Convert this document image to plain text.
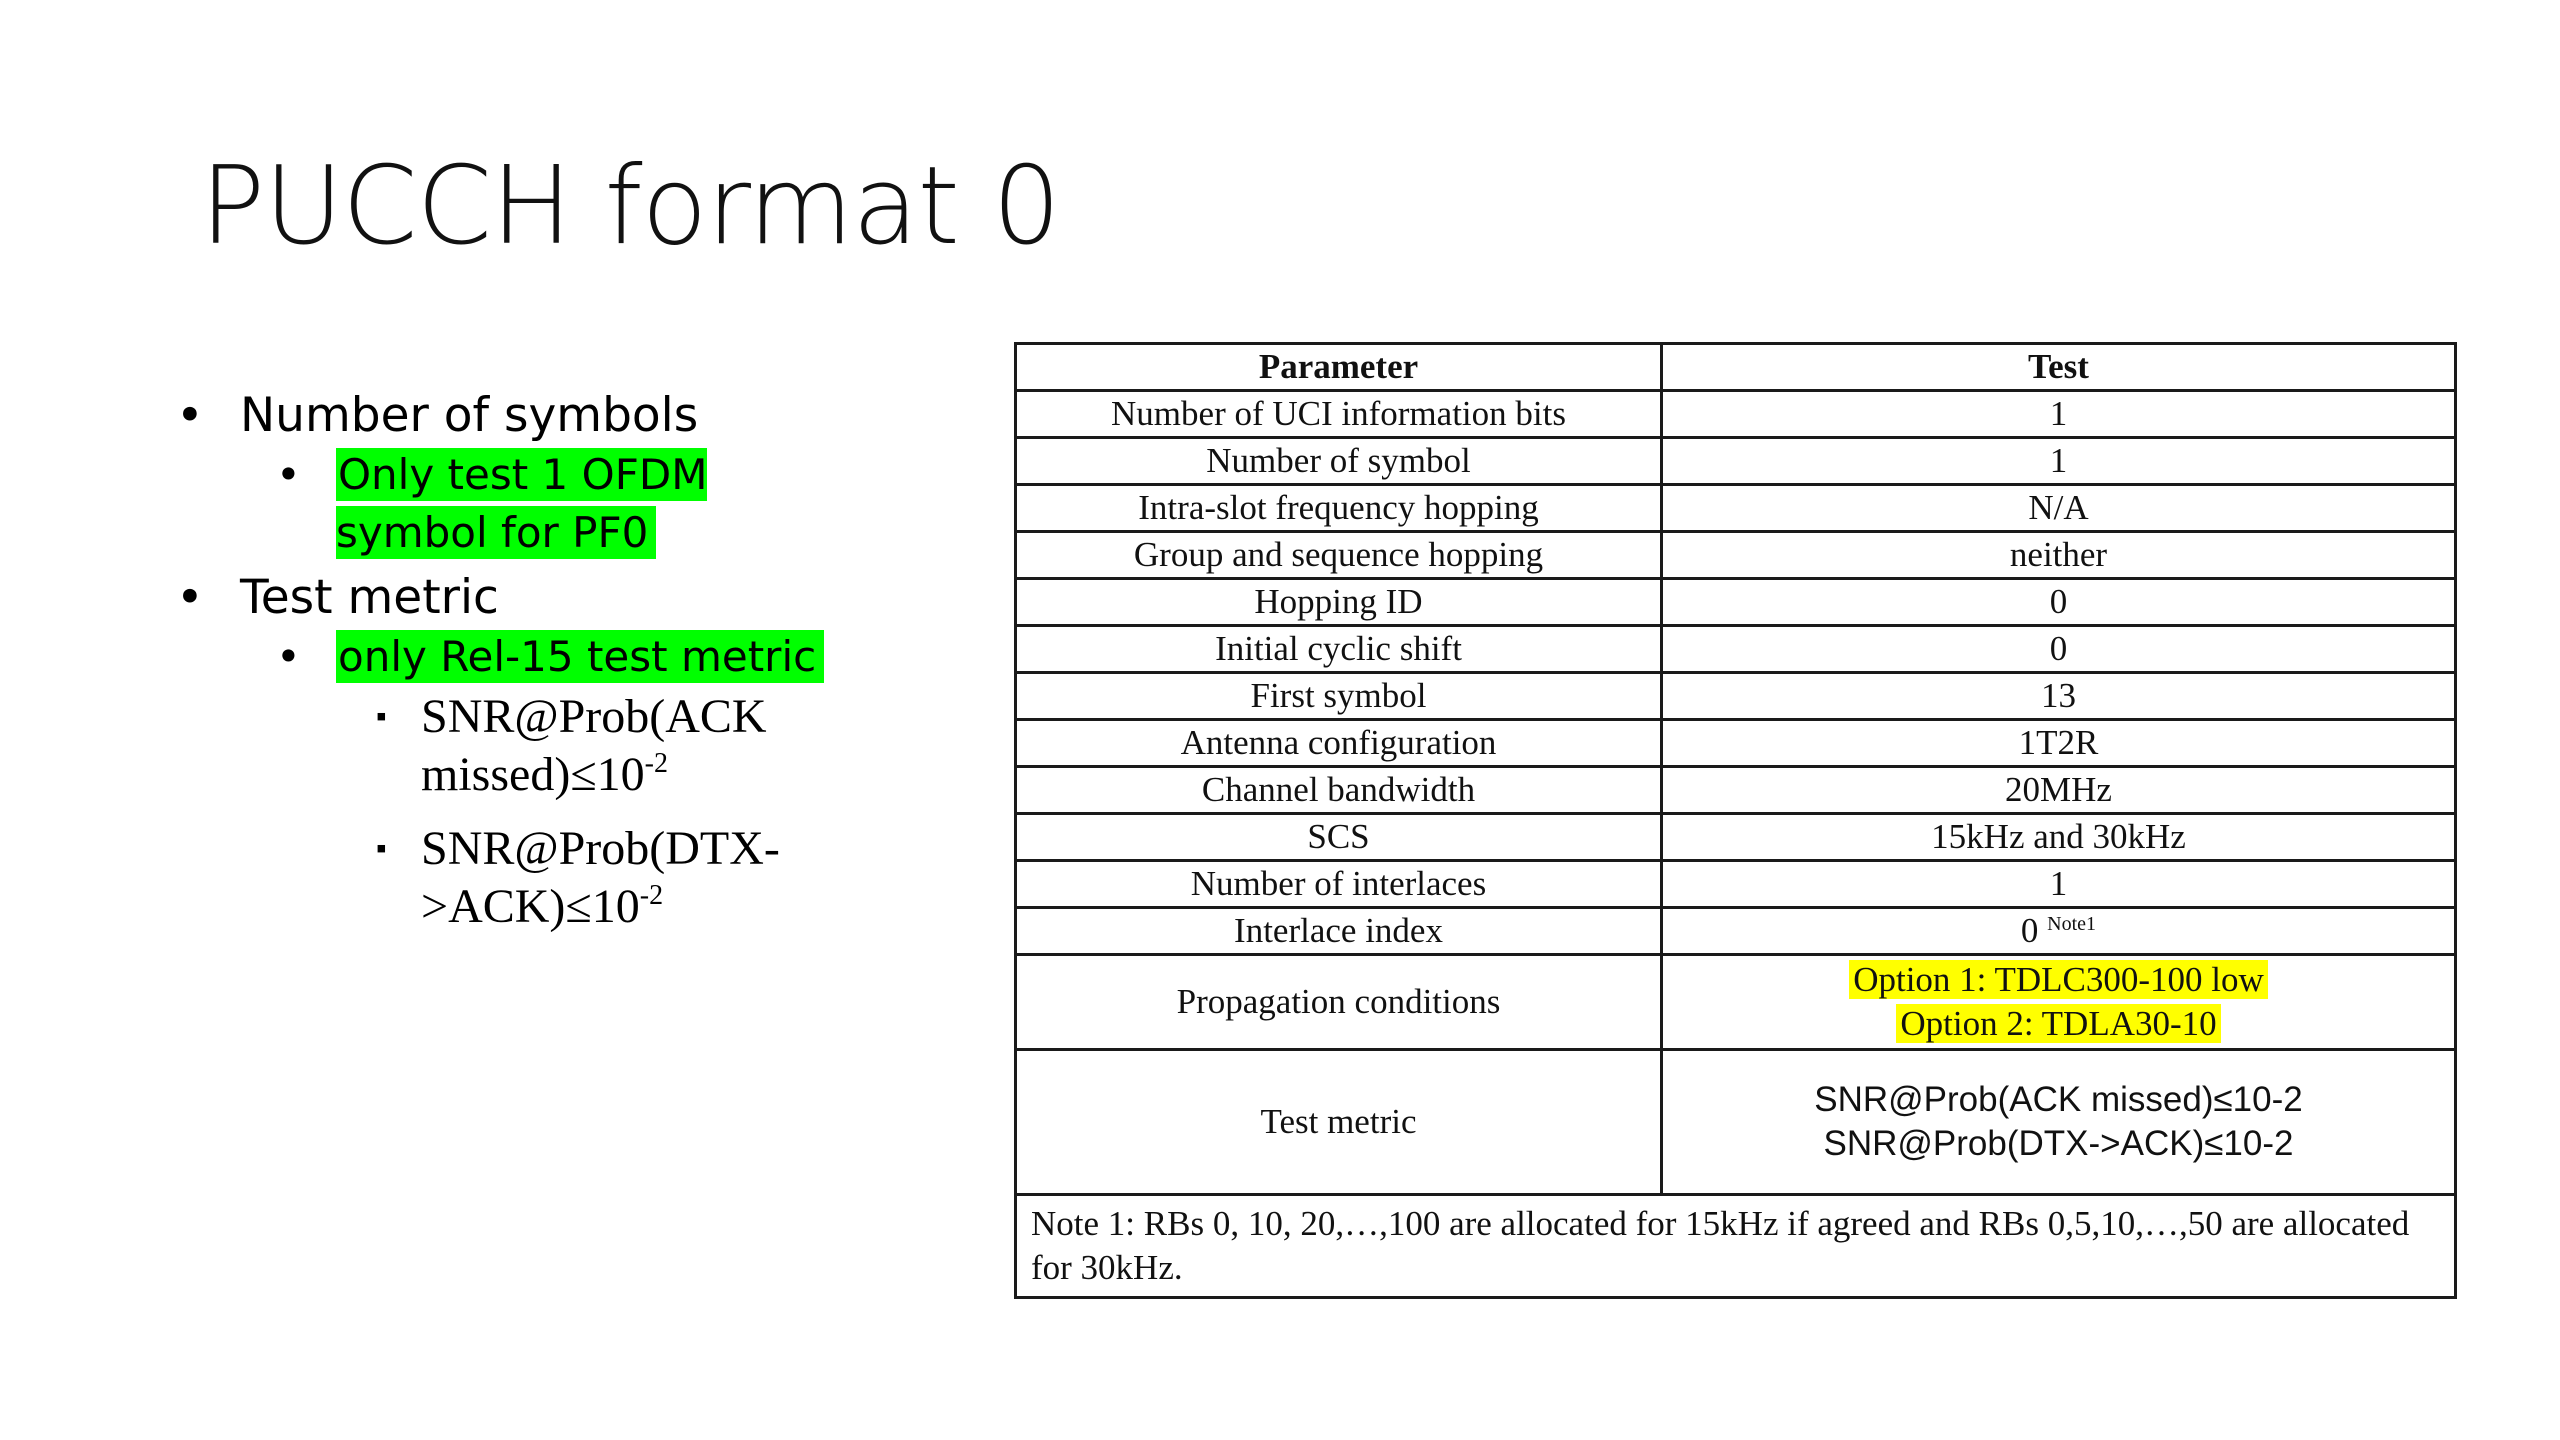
PUCCH format 0
• Number of symbols
• Only test 1 OFDM symbol for PF0
• Test metric
• only Rel-15 test metric
▪ SNR@Prob(ACK $missed)\le 10^{-2}$
▪ $SNR@Prob(DTX->ACK)\le 10^{-2}$
Parameter	Test
Number of UCI information bits	1
Number of symbol	1
Intra-slot frequency hopping	N/A
Group and sequence hopping	neither
Hopping ID	0
Initial cyclic shift	0
First symbol	13
Antenna configuration	1T2R
Channel bandwidth	20MHz
SCS	15kHz and 30kHz
Number of interlaces	1
Interlace index	0 $^{Note1}$
Propagation conditions	Option 1: TDLC300-100 low
Option 2: TDLA30-10
Test metric	SNR@Prob(ACK missed)≤10-2
SNR@Prob(DTX->ACK)≤10-2
Note 1: RBs 0, 10, 20,…,100 are allocated for 15kHz if agreed and RBs 0,5,10,…,50 are allocated for 30kHz.	
